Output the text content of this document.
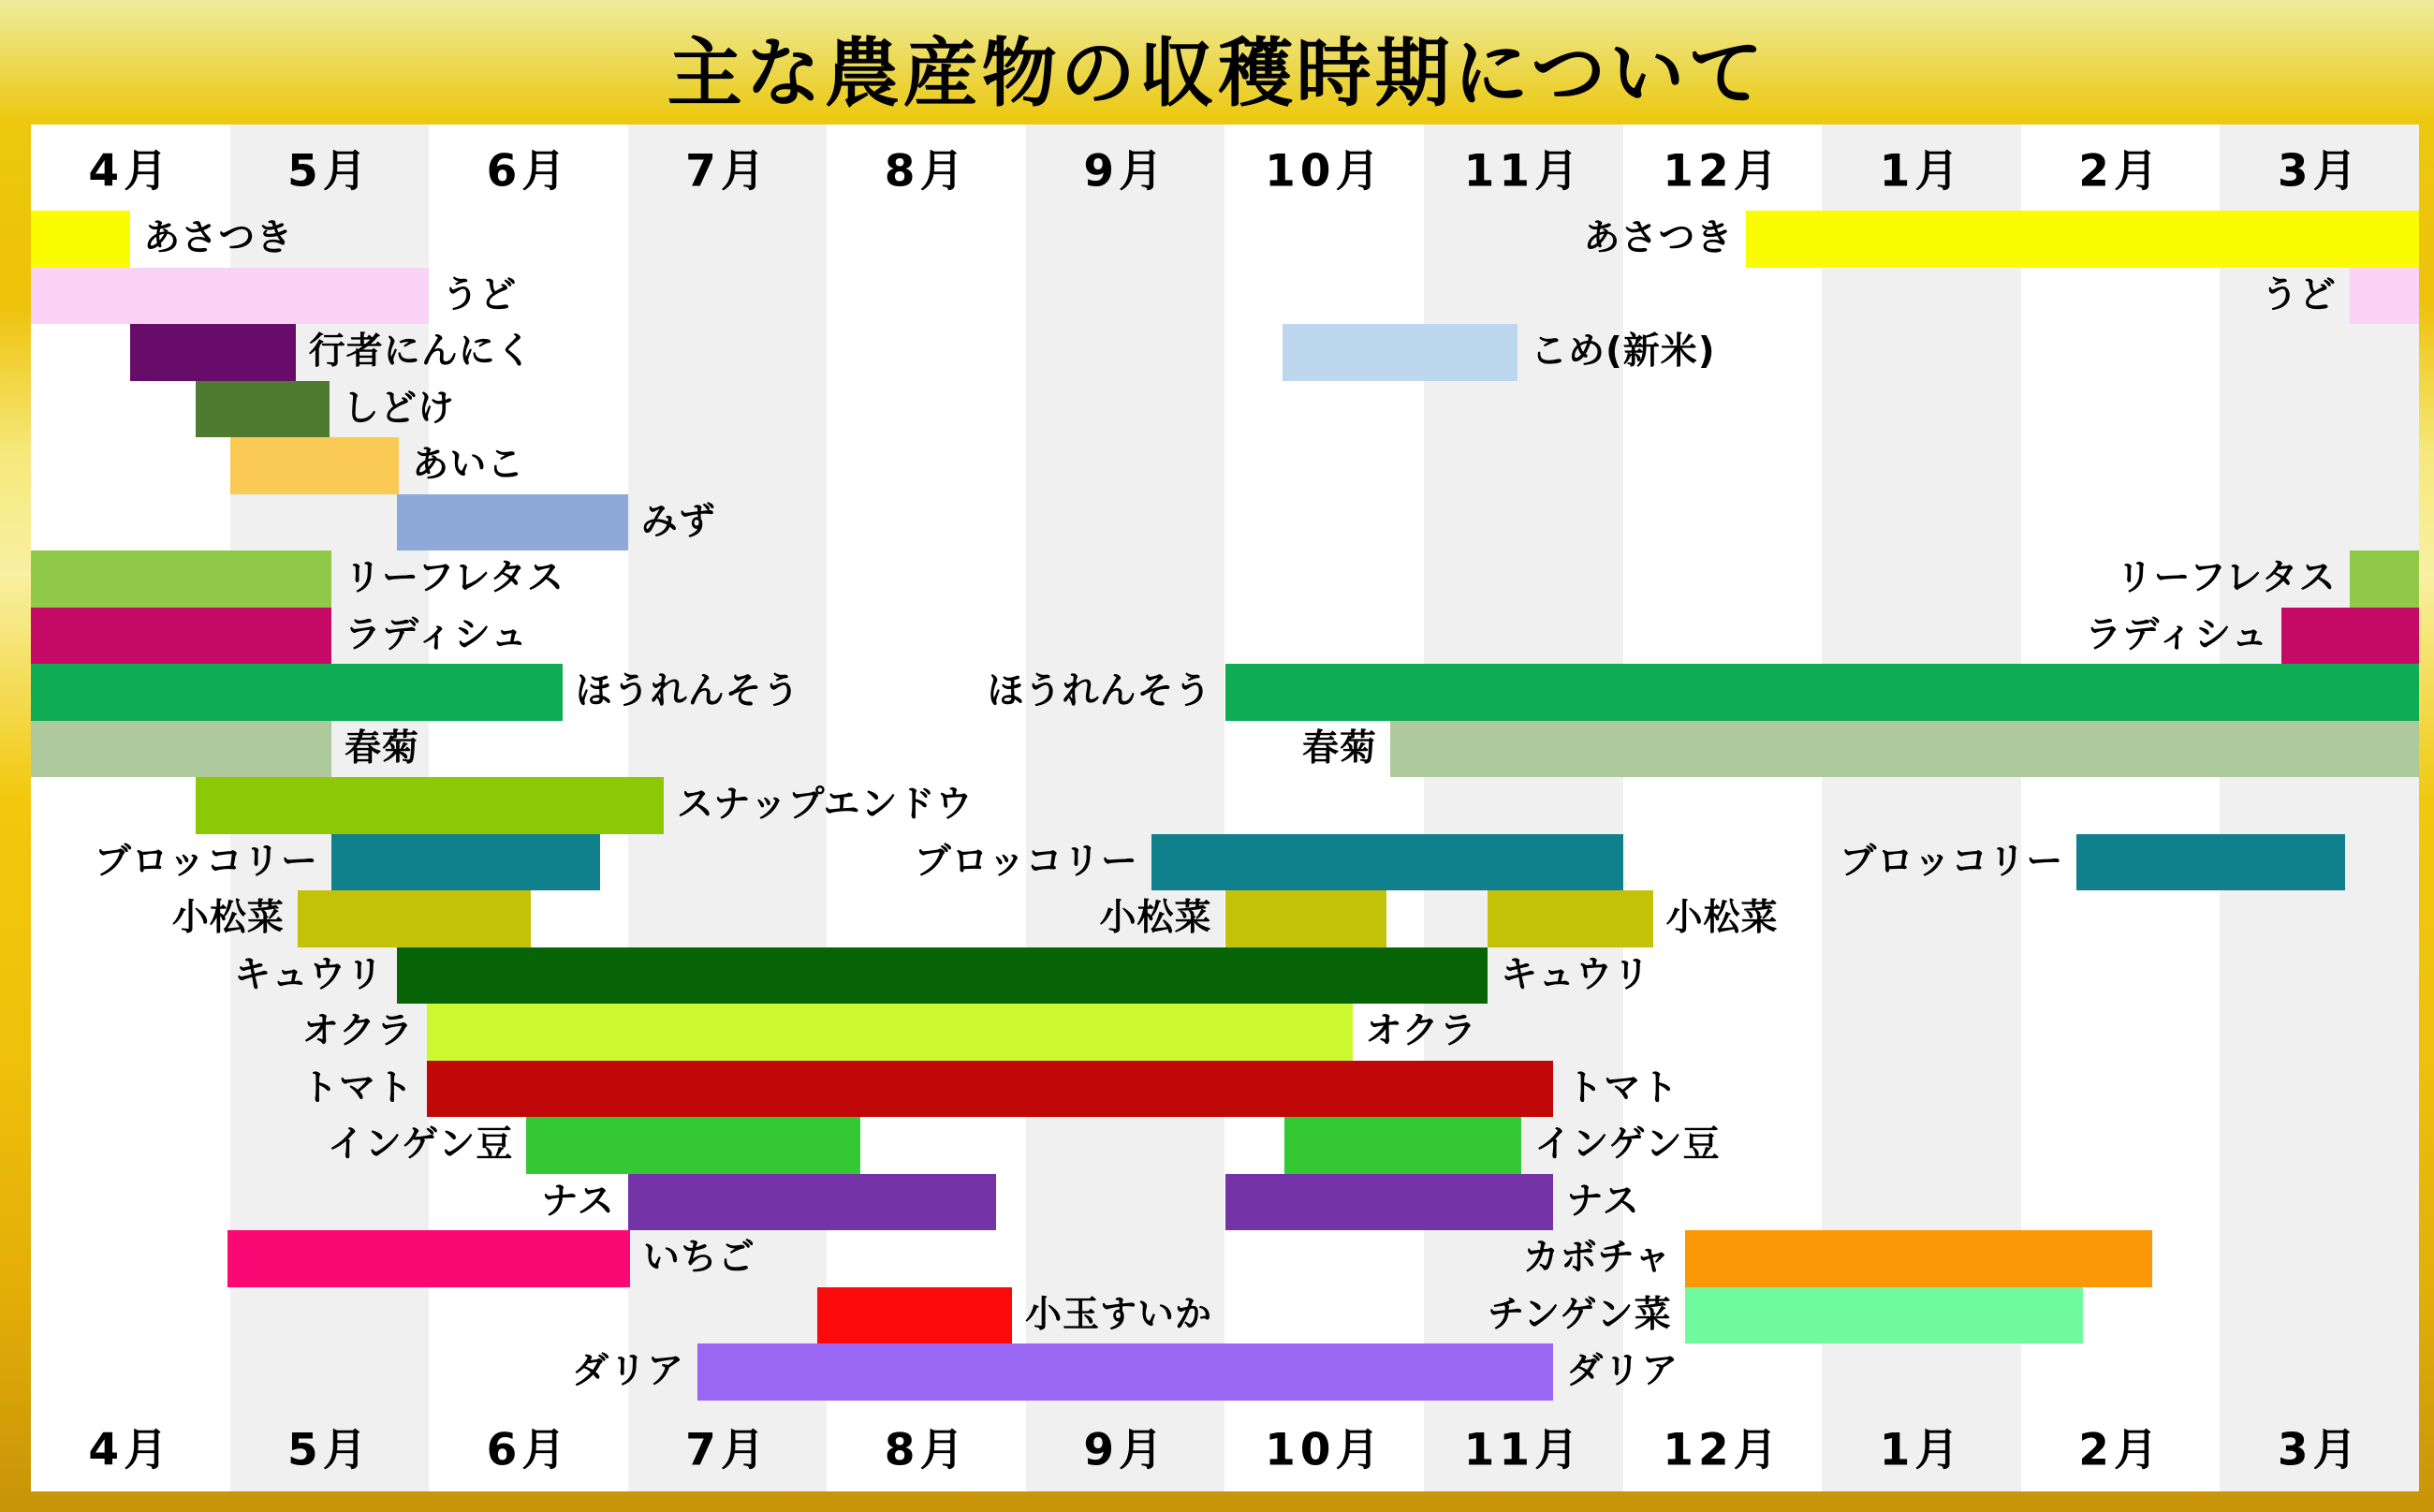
主な農産物の収穫時期について
4月	5月	6月	7月	8月	9月 10月 11月 12月 1月	2月	3月
あさつき	あさつき
うど	うど
行者にんにく	こめ(新米)
しどけ
あいこ
みず
リーフレタス	リーフレタス
ラディシュ	ラディシュ
ほうれんそう	ほうれんそう
春菊	春菊
スナップエンドウ
ブロッコリー	ブロッコリー	ブロッコリー
小松菜	小松菜	小松菜
キュウリ	キュウリ
オクラ	オクラ
トマト	トマト
インゲン豆	インゲン豆
ナス	ナス
いちご	カボチャ
小玉すいか	チンゲン菜
ダリア	ダリア
4月	5月	6月	7月	8月	9月 10月 11月 12月 1月	2月	3月
